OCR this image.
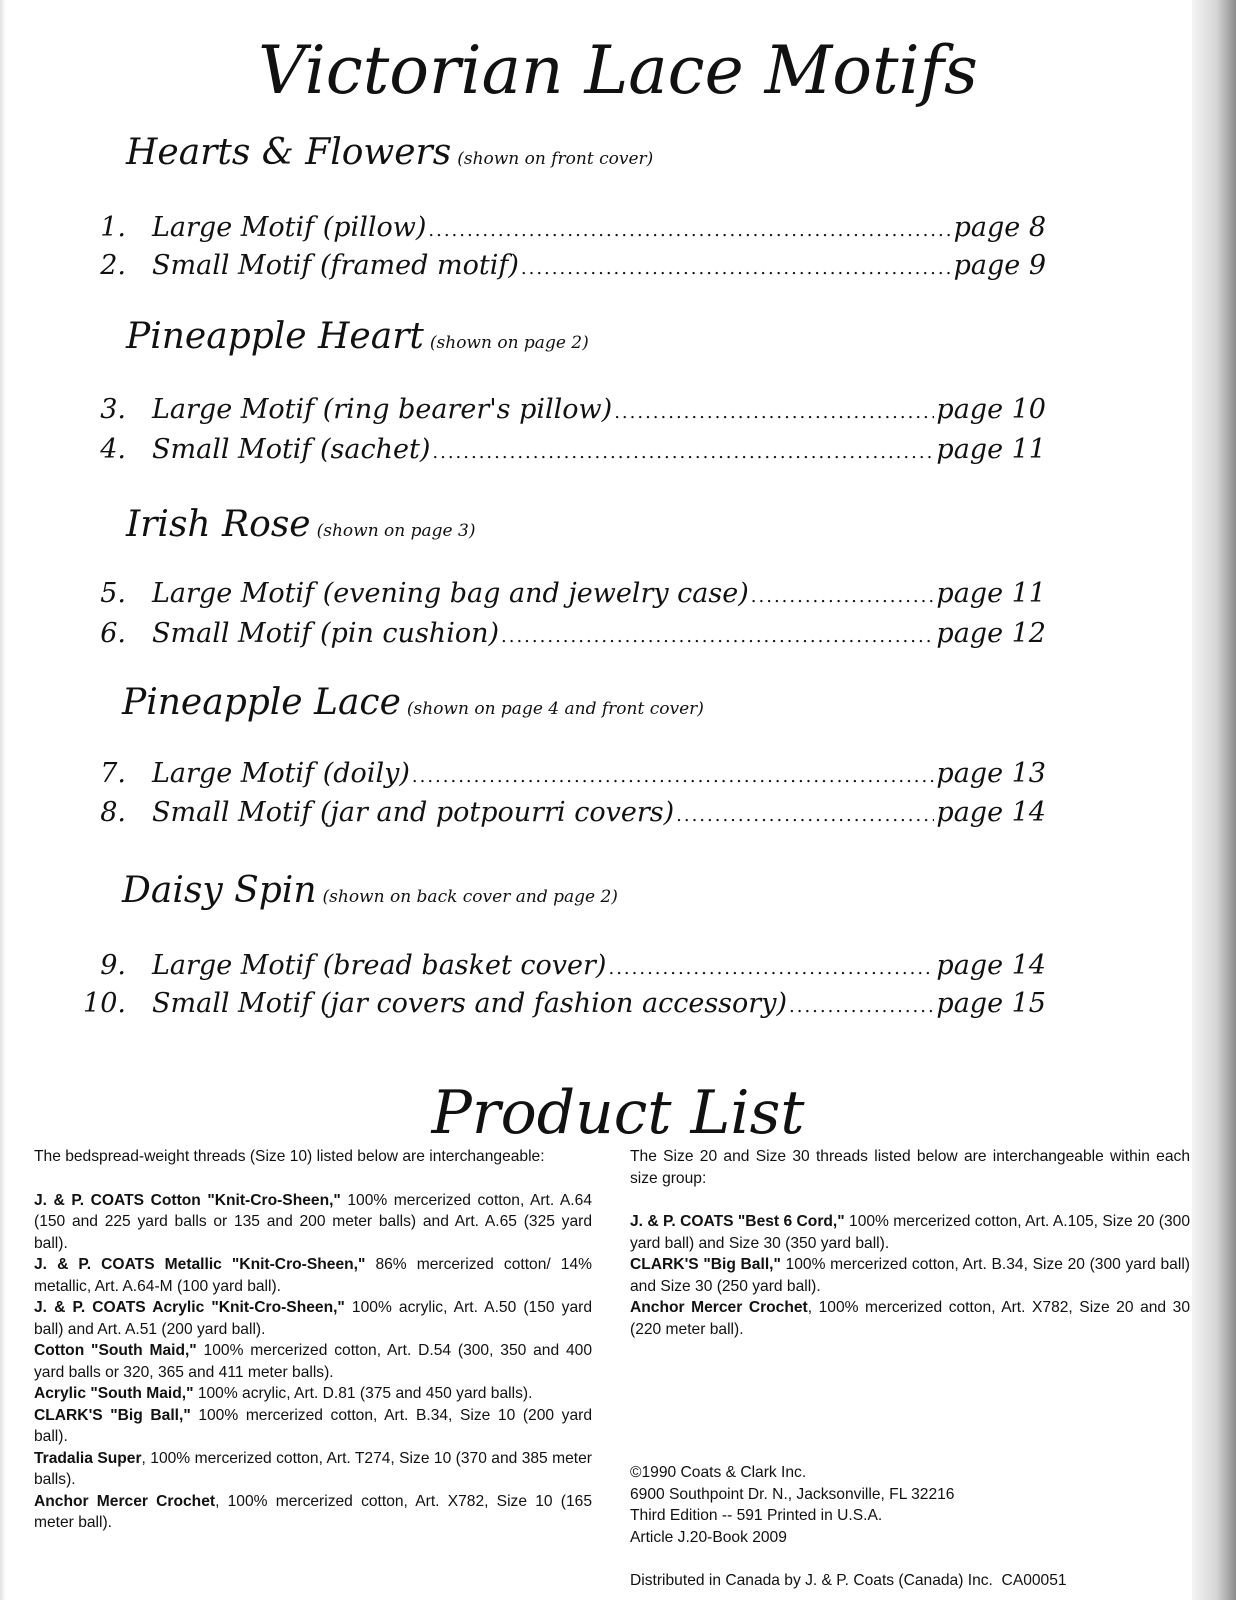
Victorian Lace Motifs
Hearts & Flowers (shown on front cover)
1. Large Motif (pillow) .....	page 8
2. Small Motif (framed motif) .....	page 9
Pineapple Heart (shown on page 2)
3. Large Motif (ring bearer's pillow) .....	page 10
4. Small Motif (sachet) .....	page 11
Irish Rose (shown on page 3)
5. Large Motif (evening bag and jewelry case) .....	page 11
6. Small Motif (pin cushion) .....	page 12
Pineapple Lace (shown on page 4 and front cover)
7. Large Motif (doily) .....	page 13
8. Small Motif (jar and potpourri covers) .....	page 14
Daisy Spin (shown on back cover and page 2)
9. Large Motif (bread basket cover) .....	page 14
10. Small Motif (jar covers and fashion accessory) .....	page 15
Product List

The bedspread-weight threads (Size 10) listed below are interchangeable:

J. & P. COATS Cotton "Knit-Cro-Sheen," 100% mercerized cotton, Art. A.64 (150 and 225 yard balls or 135 and 200 meter balls) and Art. A.65 (325 yard ball).

J. & P. COATS Metallic "Knit-Cro-Sheen," 86% mercerized cotton/ 14% metallic, Art. A.64-M (100 yard ball).

J. & P. COATS Acrylic "Knit-Cro-Sheen," 100% acrylic, Art. A.50 (150 yard ball) and Art. A.51 (200 yard ball).

Cotton "South Maid," 100% mercerized cotton, Art. D.54 (300, 350 and 400 yard balls or 320, 365 and 411 meter balls).

Acrylic "South Maid," 100% acrylic, Art. D.81 (375 and 450 yard balls).

CLARK'S "Big Ball," 100% mercerized cotton, Art. B.34, Size 10 (200 yard ball).

Tradalia Super, 100% mercerized cotton, Art. T274, Size 10 (370 and 385 meter balls).

Anchor Mercer Crochet, 100% mercerized cotton, Art. X782, Size 10 (165 meter ball).

The Size 20 and Size 30 threads listed below are interchangeable within each size group:

J. & P. COATS "Best 6 Cord," 100% mercerized cotton, Art. A.105, Size 20 (300 yard ball) and Size 30 (350 yard ball).

CLARK'S "Big Ball," 100% mercerized cotton, Art. B.34, Size 20 (300 yard ball) and Size 30 (250 yard ball).

Anchor Mercer Crochet, 100% mercerized cotton, Art. X782, Size 20 and 30 (220 meter ball).

©1990 Coats & Clark Inc.

6900 Southpoint Dr. N., Jacksonville, FL 32216

Third Edition -- 591 Printed in U.S.A.

Article J.20-Book 2009

Distributed in Canada by J. & P. Coats (Canada) Inc.  CA00051
